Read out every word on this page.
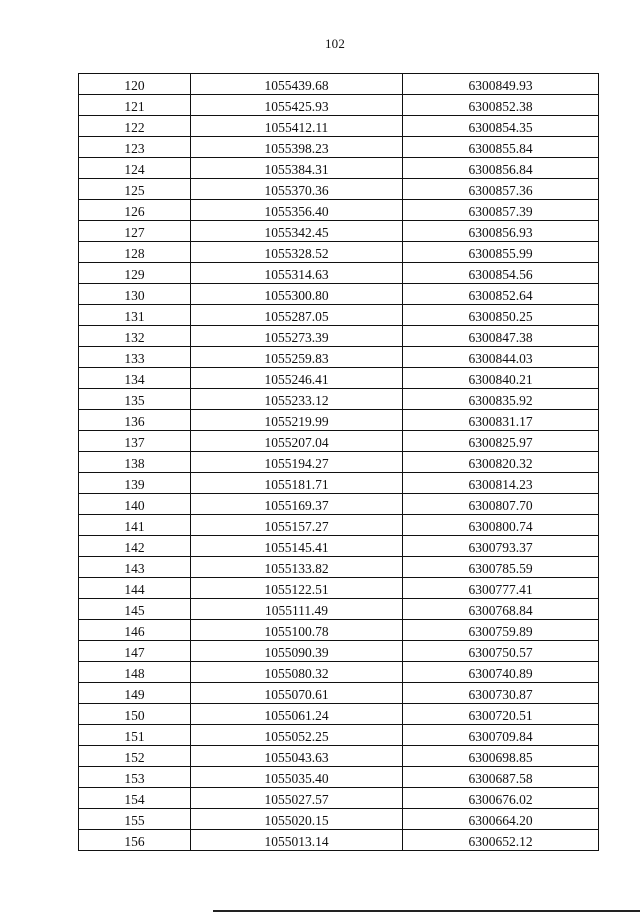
102
120	1055439.68	6300849.93
121	1055425.93	6300852.38
122	1055412.11	6300854.35
123	1055398.23	6300855.84
124	1055384.31	6300856.84
125	1055370.36	6300857.36
126	1055356.40	6300857.39
127	1055342.45	6300856.93
128	1055328.52	6300855.99
129	1055314.63	6300854.56
130	1055300.80	6300852.64
131	1055287.05	6300850.25
132	1055273.39	6300847.38
133	1055259.83	6300844.03
134	1055246.41	6300840.21
135	1055233.12	6300835.92
136	1055219.99	6300831.17
137	1055207.04	6300825.97
138	1055194.27	6300820.32
139	1055181.71	6300814.23
140	1055169.37	6300807.70
141	1055157.27	6300800.74
142	1055145.41	6300793.37
143	1055133.82	6300785.59
144	1055122.51	6300777.41
145	1055111.49	6300768.84
146	1055100.78	6300759.89
147	1055090.39	6300750.57
148	1055080.32	6300740.89
149	1055070.61	6300730.87
150	1055061.24	6300720.51
151	1055052.25	6300709.84
152	1055043.63	6300698.85
153	1055035.40	6300687.58
154	1055027.57	6300676.02
155	1055020.15	6300664.20
156	1055013.14	6300652.12
